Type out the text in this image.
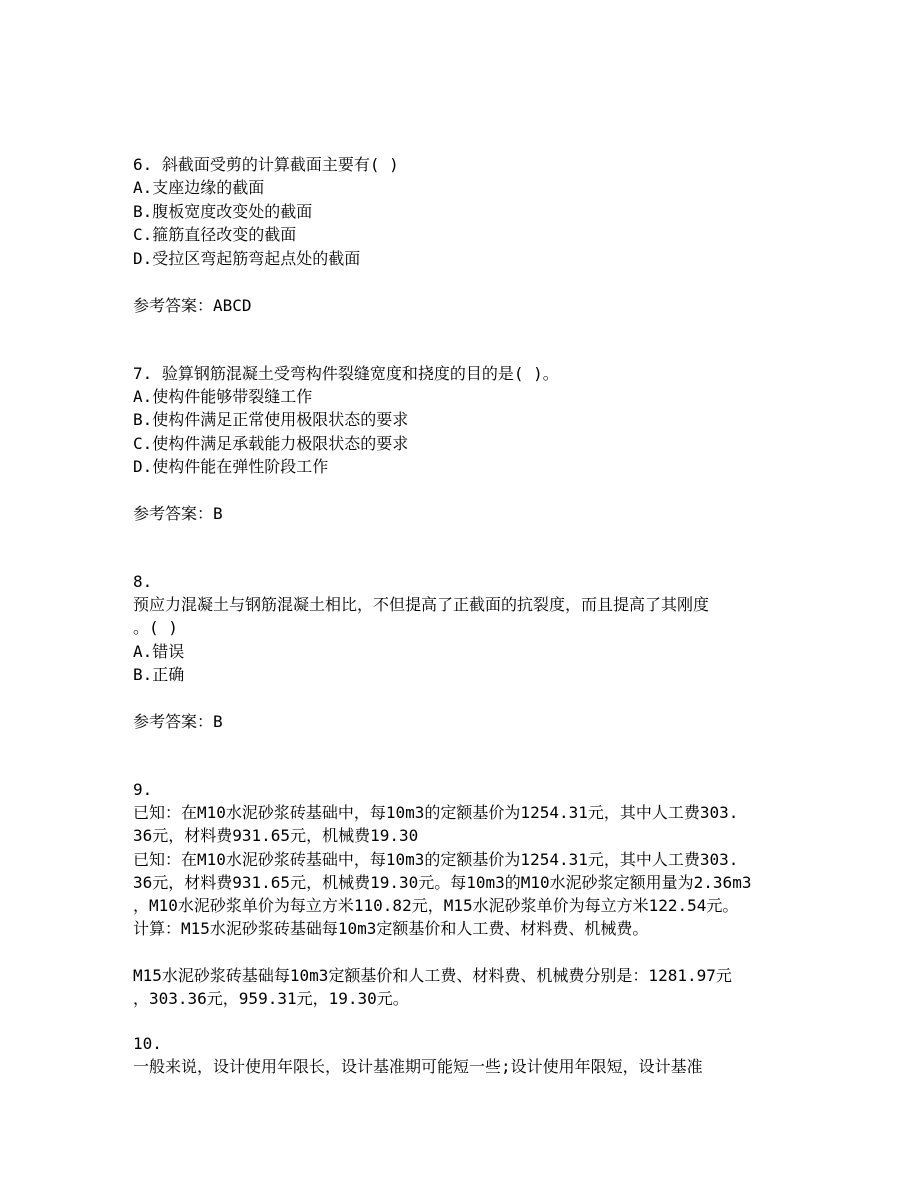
6. 斜截面受剪的计算截面主要有( )
A.支座边缘的截面
B.腹板宽度改变处的截面
C.箍筋直径改变的截面
D.受拉区弯起筋弯起点处的截面
参考答案：ABCD
7. 验算钢筋混凝土受弯构件裂缝宽度和挠度的目的是( )。
A.使构件能够带裂缝工作
B.使构件满足正常使用极限状态的要求
C.使构件满足承载能力极限状态的要求
D.使构件能在弹性阶段工作
参考答案：B
8.
预应力混凝土与钢筋混凝土相比，不但提高了正截面的抗裂度，而且提高了其刚度
。( )
A.错误
B.正确
参考答案：B
9.
已知：在M10水泥砂浆砖基础中，每10m3的定额基价为1254.31元，其中人工费303.
36元，材料费931.65元，机械费19.30
已知：在M10水泥砂浆砖基础中，每10m3的定额基价为1254.31元，其中人工费303.
36元，材料费931.65元，机械费19.30元。每10m3的M10水泥砂浆定额用量为2.36m3
，M10水泥砂浆单价为每立方米110.82元，M15水泥砂浆单价为每立方米122.54元。
计算：M15水泥砂浆砖基础每10m3定额基价和人工费、材料费、机械费。
M15水泥砂浆砖基础每10m3定额基价和人工费、材料费、机械费分别是：1281.97元
，303.36元，959.31元，19.30元。
10.
一般来说，设计使用年限长，设计基准期可能短一些;设计使用年限短，设计基准
